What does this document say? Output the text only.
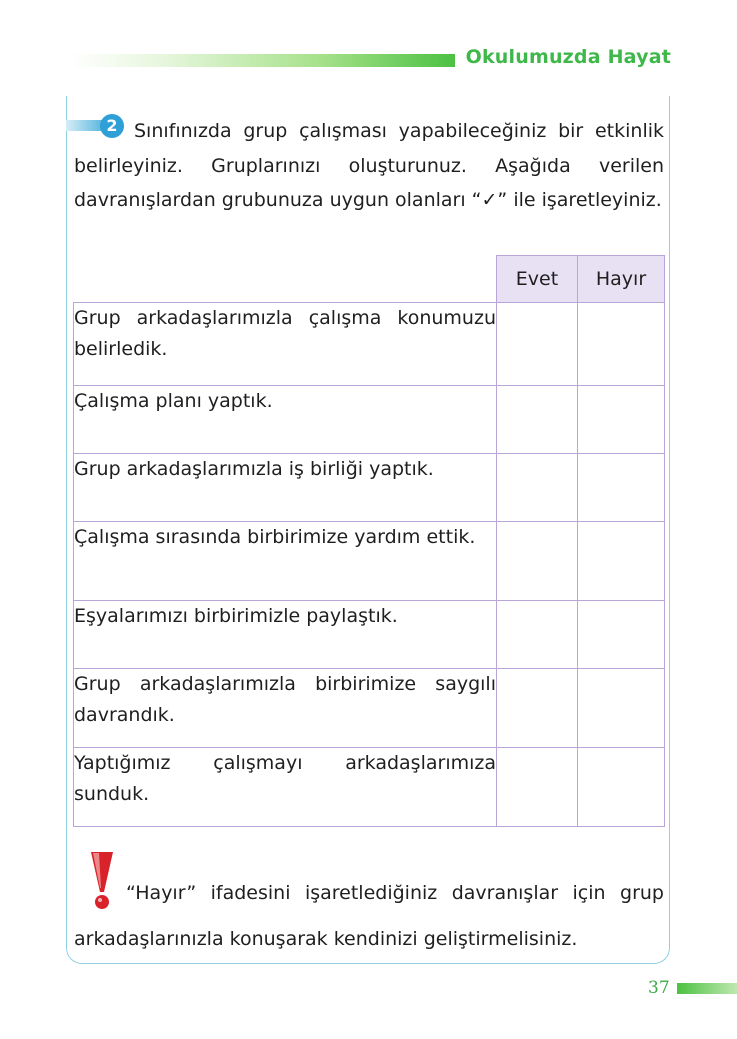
Okulumuzda Hayat

Sınıfınızda grup çalışması yapabileceğiniz bir etkinlik belirleyiniz. Gruplarınızı oluşturunuz. Aşağıda verilen davranışlardan grubunuza uygun olanları “✓” ile işaretleyiniz.

2
	Evet	Hayır
Grup arkadaşlarımızla çalışma konumuzu belirledik.		
Çalışma planı yaptık.		
Grup arkadaşlarımızla iş birliği yaptık.		
Çalışma sırasında birbirimize yardım ettik.		
Eşyalarımızı birbirimizle paylaştık.		
Grup arkadaşlarımızla birbirimize saygılı davrandık.		
Yaptığımız çalışmayı arkadaşlarımıza sunduk.		

“Hayır” ifadesini işaretlediğiniz davranışlar için grup arkadaşlarınızla konuşarak kendinizi geliştirmelisiniz.

37
